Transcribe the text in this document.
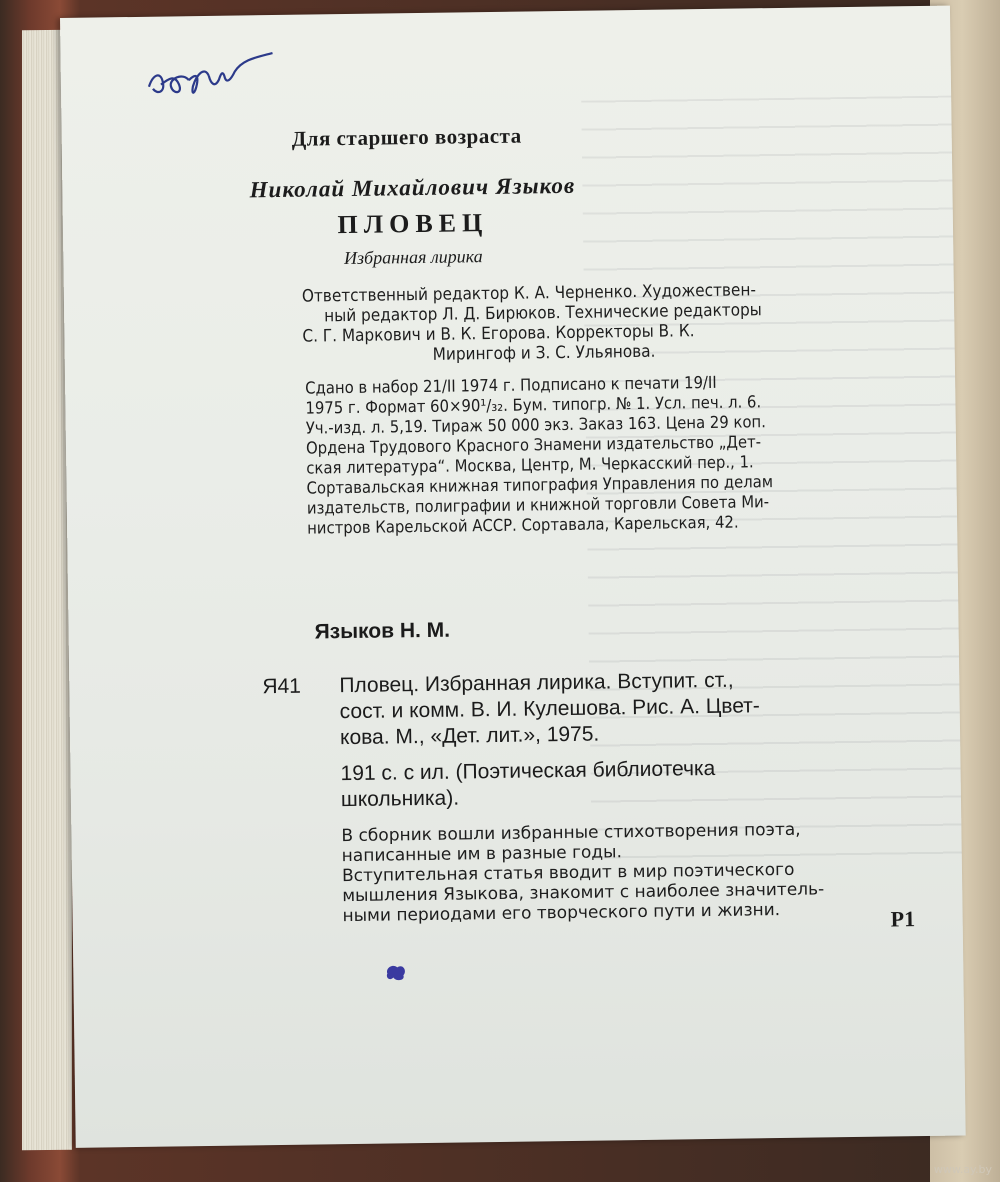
Для старшего возраста
Николай Михайлович Языков
ПЛОВЕЦ
Избранная лирика
Ответственный редактор К. А. Черненко. Художествен-
ный редактор Л. Д. Бирюков. Технические редакторы
С. Г. Маркович и В. К. Егорова. Корректоры В. К.
Мирингоф и З. С. Ульянова.
Сдано в набор 21/II 1974 г. Подписано к печати 19/II
1975 г. Формат 60×90¹/₃₂. Бум. типогр. № 1. Усл. печ. л. 6.
Уч.-изд. л. 5,19. Тираж 50 000 экз. Заказ 163. Цена 29 коп.
Ордена Трудового Красного Знамени издательство „Дет-
ская литература“. Москва, Центр, М. Черкасский пер., 1.
Сортавальская книжная типография Управления по делам
издательств, полиграфии и книжной торговли Совета Ми-
нистров Карельской АССР. Сортавала, Карельская, 42.
Языков Н. М.
Я41 Пловец. Избранная лирика. Вступит. ст.,
сост. и комм. В. И. Кулешова. Рис. А. Цвет-
кова. М., «Дет. лит.», 1975.
191 с. с ил. (Поэтическая библиотечка
школьника).
В сборник вошли избранные стихотворения поэта,
написанные им в разные годы.
Вступительная статья вводит в мир поэтического
мышления Языкова, знакомит с наиболее значитель-
ными периодами его творческого пути и жизни.	Р1
www.ay.by
